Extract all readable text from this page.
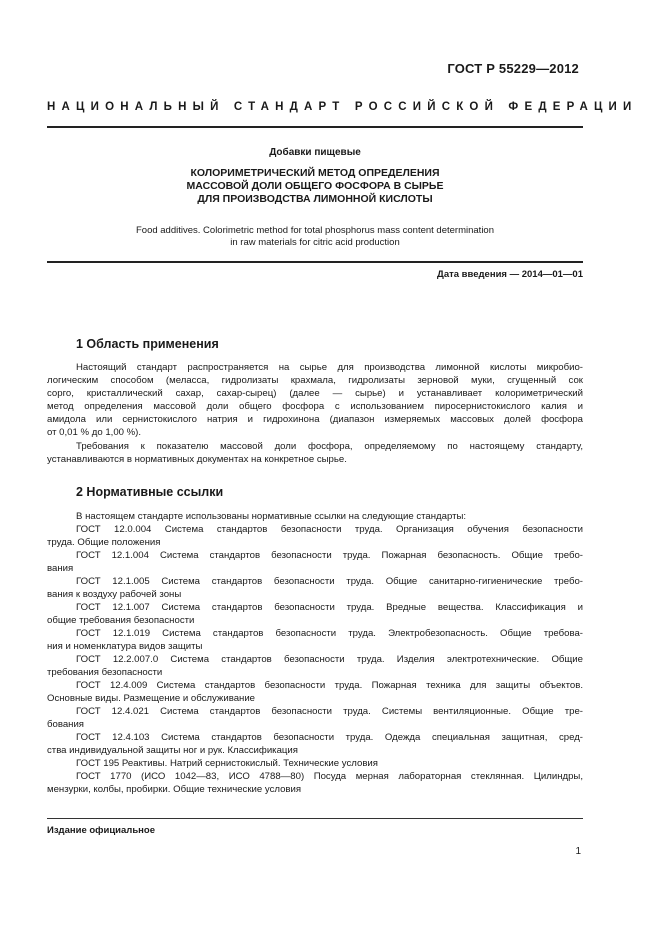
ГОСТ Р 55229—2012
НАЦИОНАЛЬНЫЙ СТАНДАРТ РОССИЙСКОЙ ФЕДЕРАЦИИ
Добавки пищевые
КОЛОРИМЕТРИЧЕСКИЙ МЕТОД ОПРЕДЕЛЕНИЯ
МАССОВОЙ ДОЛИ ОБЩЕГО ФОСФОРА В СЫРЬЕ
ДЛЯ ПРОИЗВОДСТВА ЛИМОННОЙ КИСЛОТЫ
Food additives. Colorimetric method for total phosphorus mass content determination
in raw materials for citric acid production
Дата введения — 2014—01—01
1 Область применения
Настоящий стандарт распространяется на сырье для производства лимонной кислоты микробио-
логическим способом (меласса, гидролизаты крахмала, гидролизаты зерновой муки, сгущенный сок
сорго, кристаллический сахар, сахар-сырец) (далее — сырье) и устанавливает колориметрический
метод определения массовой доли общего фосфора с использованием пиросернистокислого калия и
амидола или сернистокислого натрия и гидрохинона (диапазон измеряемых массовых долей фосфора
от 0,01 % до 1,00 %).
Требования к показателю массовой доли фосфора, определяемому по настоящему стандарту,
устанавливаются в нормативных документах на конкретное сырье.
2 Нормативные ссылки
В настоящем стандарте использованы нормативные ссылки на следующие стандарты:
ГОСТ 12.0.004 Система стандартов безопасности труда. Организация обучения безопасности
труда. Общие положения
ГОСТ 12.1.004 Система стандартов безопасности труда. Пожарная безопасность. Общие требо-
вания
ГОСТ 12.1.005 Система стандартов безопасности труда. Общие санитарно-гигиенические требо-
вания к воздуху рабочей зоны
ГОСТ 12.1.007 Система стандартов безопасности труда. Вредные вещества. Классификация и
общие требования безопасности
ГОСТ 12.1.019 Система стандартов безопасности труда. Электробезопасность. Общие требова-
ния и номенклатура видов защиты
ГОСТ 12.2.007.0 Система стандартов безопасности труда. Изделия электротехнические. Общие
требования безопасности
ГОСТ 12.4.009 Система стандартов безопасности труда. Пожарная техника для защиты объектов.
Основные виды. Размещение и обслуживание
ГОСТ 12.4.021 Система стандартов безопасности труда. Системы вентиляционные. Общие тре-
бования
ГОСТ 12.4.103 Система стандартов безопасности труда. Одежда специальная защитная, сред-
ства индивидуальной защиты ног и рук. Классификация
ГОСТ 195 Реактивы. Натрий сернистокислый. Технические условия
ГОСТ 1770 (ИСО 1042—83, ИСО 4788—80) Посуда мерная лабораторная стеклянная. Цилиндры,
мензурки, колбы, пробирки. Общие технические условия
Издание официальное
1
